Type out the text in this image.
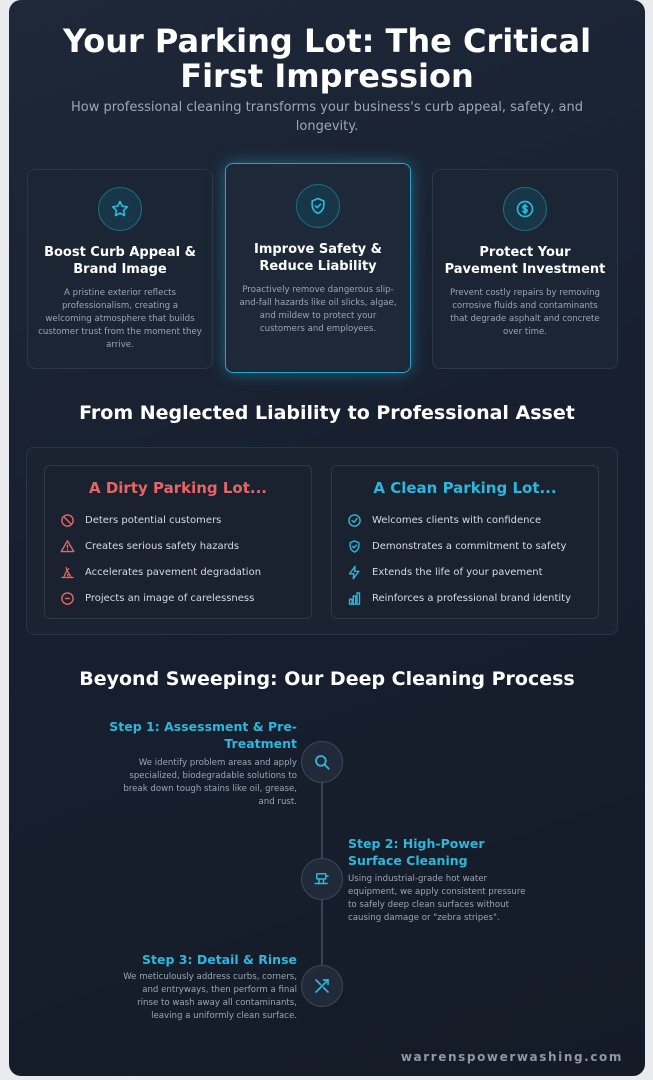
Your Parking Lot: The Critical First Impression

How professional cleaning transforms your business's curb appeal, safety, and longevity.

Boost Curb Appeal & Brand Image

A pristine exterior reflects professionalism, creating a welcoming atmosphere that builds customer trust from the moment they arrive.

Improve Safety & Reduce Liability

Proactively remove dangerous slip-and-fall hazards like oil slicks, algae, and mildew to protect your customers and employees.

Protect Your Pavement Investment

Prevent costly repairs by removing corrosive fluids and contaminants that degrade asphalt and concrete over time.

From Neglected Liability to Professional Asset
A Dirty Parking Lot...
Deters potential customers
Creates serious safety hazards
Accelerates pavement degradation
Projects an image of carelessness
A Clean Parking Lot...
Welcomes clients with confidence
Demonstrates a commitment to safety
Extends the life of your pavement
Reinforces a professional brand identity
Beyond Sweeping: Our Deep Cleaning Process
Step 1: Assessment & Pre-Treatment
We identify problem areas and apply specialized, biodegradable solutions to break down tough stains like oil, grease, and rust.
Step 2: High-Power Surface Cleaning
Using industrial-grade hot water equipment, we apply consistent pressure to safely deep clean surfaces without causing damage or "zebra stripes".
Step 3: Detail & Rinse
We meticulously address curbs, corners, and entryways, then perform a final rinse to wash away all contaminants, leaving a uniformly clean surface.
warrenspowerwashing.com
